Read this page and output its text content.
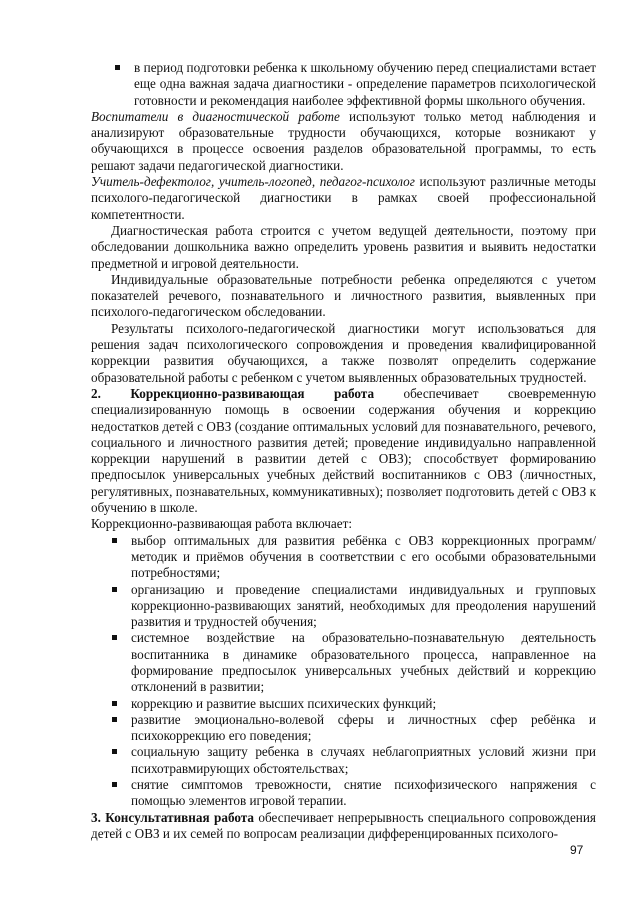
в период подготовки ребенка к школьному обучению перед специалистами встает еще одна важная задача диагностики - определение параметров психологической готовности и рекомендация наиболее эффективной формы школьного обучения.

Воспитатели в диагностической работе используют только метод наблюдения и анализируют образовательные трудности обучающихся, которые возникают у обучающихся в процессе освоения разделов образовательной программы, то есть решают задачи педагогической диагностики.

Учитель-дефектолог, учитель-логопед, педагог-психолог используют различные методы психолого-педагогической диагностики в рамках своей профессиональной компетентности.

Диагностическая работа строится с учетом ведущей деятельности, поэтому при обследовании дошкольника важно определить уровень развития и выявить недостатки предметной и игровой деятельности.

Индивидуальные образовательные потребности ребенка определяются с учетом показателей речевого, познавательного и личностного развития, выявленных при психолого-педагогическом обследовании.

Результаты психолого-педагогической диагностики могут использоваться для решения задач психологического сопровождения и проведения квалифицированной коррекции развития обучающихся, а также позволят определить содержание образовательной работы с ребенком с учетом выявленных образовательных трудностей.

2. Коррекционно-развивающая работа обеспечивает своевременную

специализированную помощь в освоении содержания обучения и коррекцию недостатков детей с ОВЗ (создание оптимальных условий для познавательного, речевого, социального и личностного развития детей; проведение индивидуально направленной коррекции нарушений в развитии детей с ОВЗ); способствует формированию предпосылок универсальных учебных действий воспитанников с ОВЗ (личностных, регулятивных, познавательных, коммуникативных); позволяет подготовить детей с ОВЗ к обучению в школе.

Коррекционно-развивающая работа включает:

выбор оптимальных для развития ребёнка с ОВЗ коррекционных программ/ методик и приёмов обучения в соответствии с его особыми образовательными потребностями;
организацию и проведение специалистами индивидуальных и групповых коррекционно-развивающих занятий, необходимых для преодоления нарушений развития и трудностей обучения;
системное воздействие на образовательно-познавательную деятельность воспитанника в динамике образовательного процесса, направленное на формирование предпосылок универсальных учебных действий и коррекцию отклонений в развитии;
коррекцию и развитие высших психических функций;
развитие эмоционально-волевой сферы и личностных сфер ребёнка и психокоррекцию его поведения;
социальную защиту ребенка в случаях неблагоприятных условий жизни при психотравмирующих обстоятельствах;
снятие симптомов тревожности, снятие психофизического напряжения с помощью элементов игровой терапии.

3. Консультативная работа обеспечивает непрерывность специального сопровождения детей с ОВЗ и их семей по вопросам реализации дифференцированных психолого-

97
